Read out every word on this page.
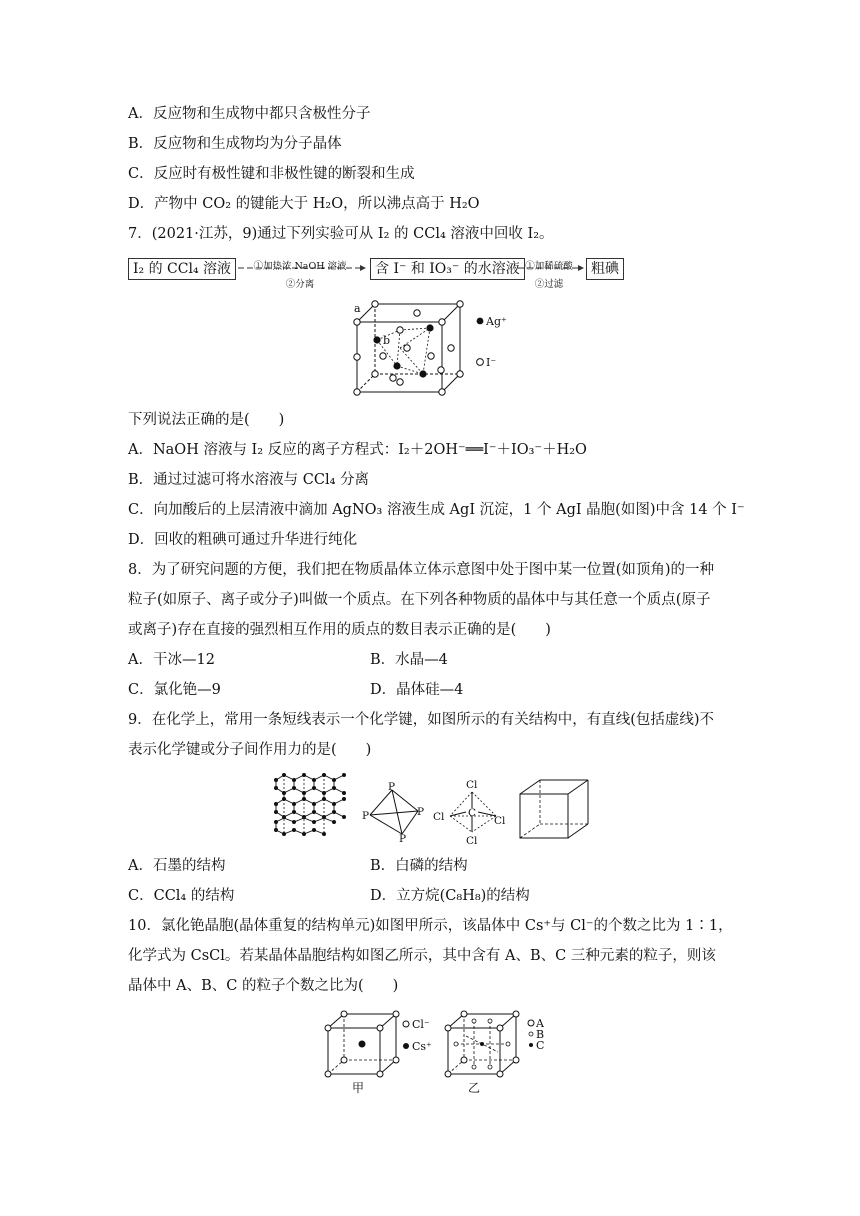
A．反应物和生成物中都只含极性分子
B．反应物和生成物均为分子晶体
C．反应时有极性键和非极性键的断裂和生成
D．产物中 CO₂ 的键能大于 H₂O，所以沸点高于 H₂O
7．(2021·江苏，9)通过下列实验可从 I₂ 的 CCl₄ 溶液中回收 I₂。
I₂ 的 CCl₄ 溶液	①加热浓 NaOH 溶液
②分离
含 I⁻ 和 IO₃⁻ 的水溶液 ①加稀硫酸
②过滤
粗碘
a
b
Ag⁺
I⁻
下列说法正确的是(　　)
A．NaOH 溶液与 I₂ 反应的离子方程式：I₂＋2OH⁻══I⁻＋IO₃⁻＋H₂O
B．通过过滤可将水溶液与 CCl₄ 分离
C．向加酸后的上层清液中滴加 AgNO₃ 溶液生成 AgI 沉淀，1 个 AgI 晶胞(如图)中含 14 个 I⁻
D．回收的粗碘可通过升华进行纯化
8．为了研究问题的方便，我们把在物质晶体立体示意图中处于图中某一位置(如顶角)的一种
粒子(如原子、离子或分子)叫做一个质点。在下列各种物质的晶体中与其任意一个质点(原子
或离子)存在直接的强烈相互作用的质点的数目表示正确的是(　　)
A．干冰—12	B．水晶—4
C．氯化铯—9	D．晶体硅—4
9．在化学上，常用一条短线表示一个化学键，如图所示的有关结构中，有直线(包括虚线)不
表示化学键或分子间作用力的是(　　)
P
P	P
P
Cl
Cl	Cl
Cl
C
A．石墨的结构	B．白磷的结构
C．CCl₄ 的结构	D．立方烷(C₈H₈)的结构
10．氯化铯晶胞(晶体重复的结构单元)如图甲所示，该晶体中 Cs⁺与 Cl⁻的个数之比为 1∶1，
化学式为 CsCl。若某晶体晶胞结构如图乙所示，其中含有 A、B、C 三种元素的粒子，则该
晶体中 A、B、C 的粒子个数之比为(　　)
Cl⁻
Cs⁺
甲
A
B
C
乙
